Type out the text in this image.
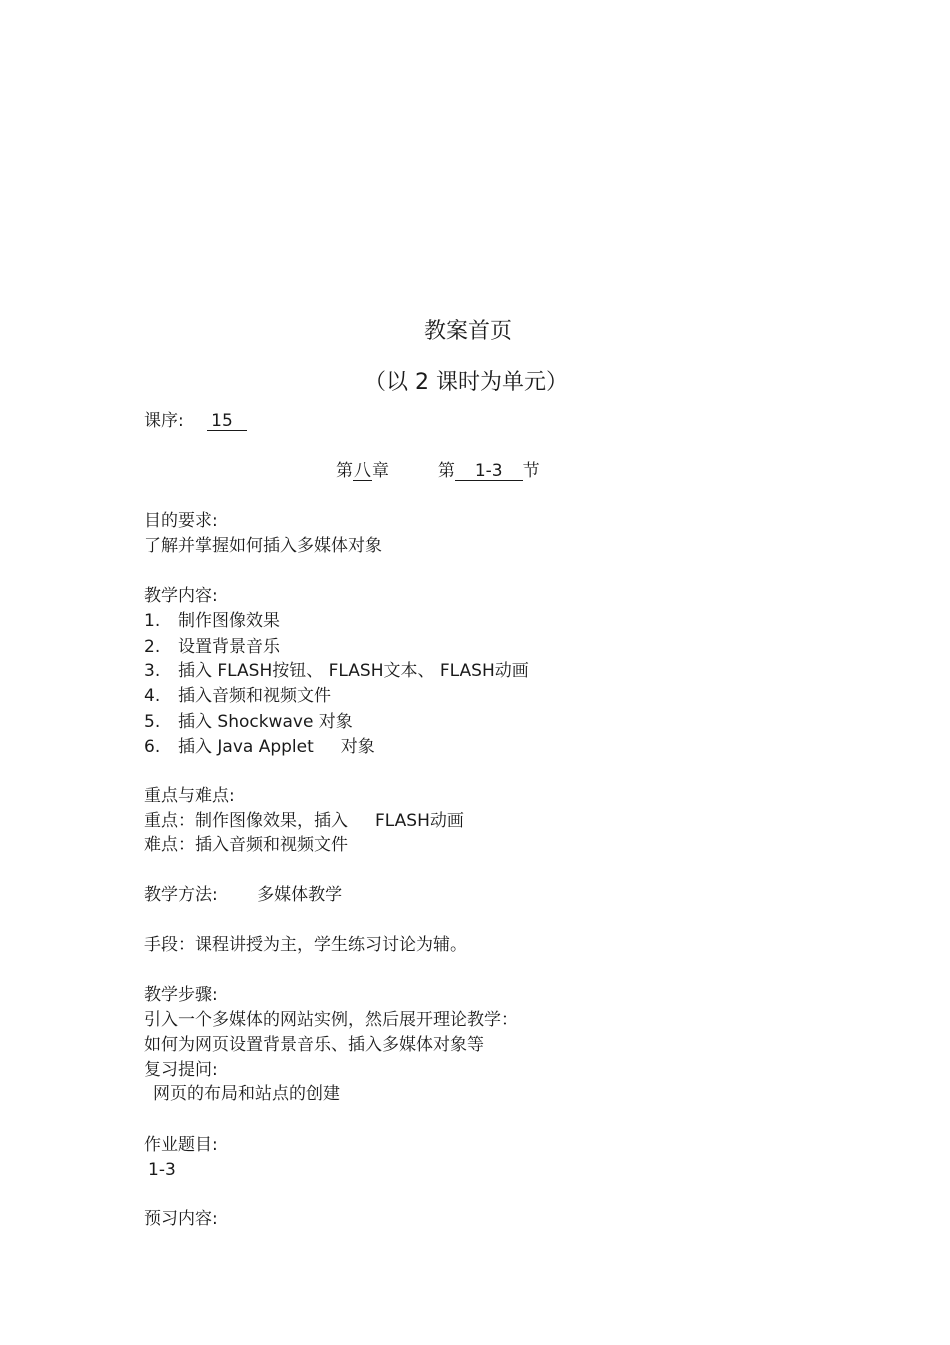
教案首页
（以 2 课时为单元）
课序: 15
第八章	第 1-3 节
目的要求:
了解并掌握如何插入多媒体对象
教学内容:
1. 制作图像效果
2. 设置背景音乐
3. 插入 FLASH按钮、 FLASH文本、 FLASH动画
4. 插入音频和视频文件
5. 插入 Shockwave 对象
6. 插入 Java Applet     对象
重点与难点:
重点：制作图像效果，插入     FLASH动画
难点：插入音频和视频文件
教学方法: 多媒体教学
手段：课程讲授为主，学生练习讨论为辅。
教学步骤:
引入一个多媒体的网站实例，然后展开理论教学：
如何为网页设置背景音乐、插入多媒体对象等
复习提问:
网页的布局和站点的创建
作业题目:
1-3
预习内容:
